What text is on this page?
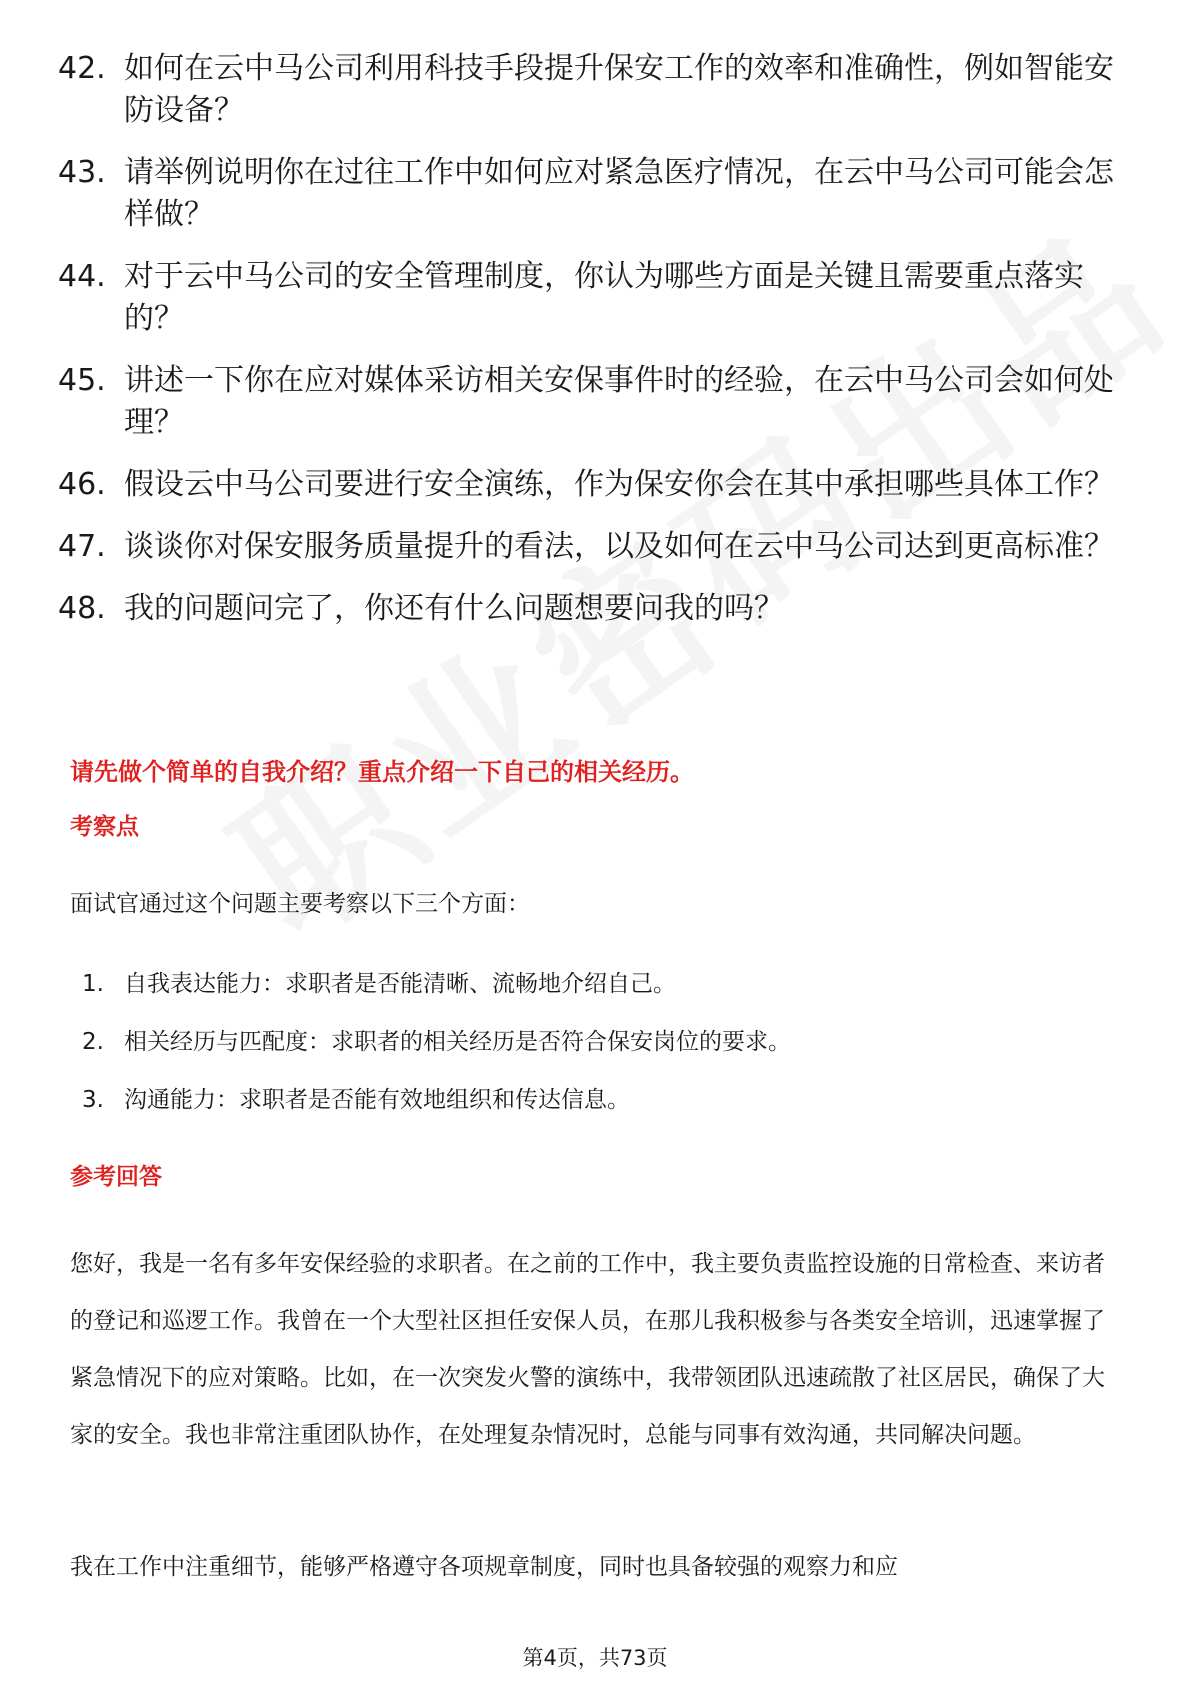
42. 如何在云中马公司利用科技手段提升保安工作的效率和准确性，例如智能安防设备？
43. 请举例说明你在过往工作中如何应对紧急医疗情况，在云中马公司可能会怎样做？
44. 对于云中马公司的安全管理制度，你认为哪些方面是关键且需要重点落实的？
45. 讲述一下你在应对媒体采访相关安保事件时的经验，在云中马公司会如何处理？
46. 假设云中马公司要进行安全演练，作为保安你会在其中承担哪些具体工作？
47. 谈谈你对保安服务质量提升的看法，以及如何在云中马公司达到更高标准？
48. 我的问题问完了，你还有什么问题想要问我的吗？
请先做个简单的自我介绍？重点介绍一下自己的相关经历。
考察点

面试官通过这个问题主要考察以下三个方面：

1. 自我表达能力：求职者是否能清晰、流畅地介绍自己。
2. 相关经历与匹配度：求职者的相关经历是否符合保安岗位的要求。
3. 沟通能力：求职者是否能有效地组织和传达信息。
参考回答

您好，我是一名有多年安保经验的求职者。在之前的工作中，我主要负责监控设施的日常检查、来访者的登记和巡逻工作。我曾在一个大型社区担任安保人员，在那儿我积极参与各类安全培训，迅速掌握了紧急情况下的应对策略。比如，在一次突发火警的演练中，我带领团队迅速疏散了社区居民，确保了大家的安全。我也非常注重团队协作，在处理复杂情况时，总能与同事有效沟通，共同解决问题。

我在工作中注重细节，能够严格遵守各项规章制度，同时也具备较强的观察力和应

第4页，共73页
